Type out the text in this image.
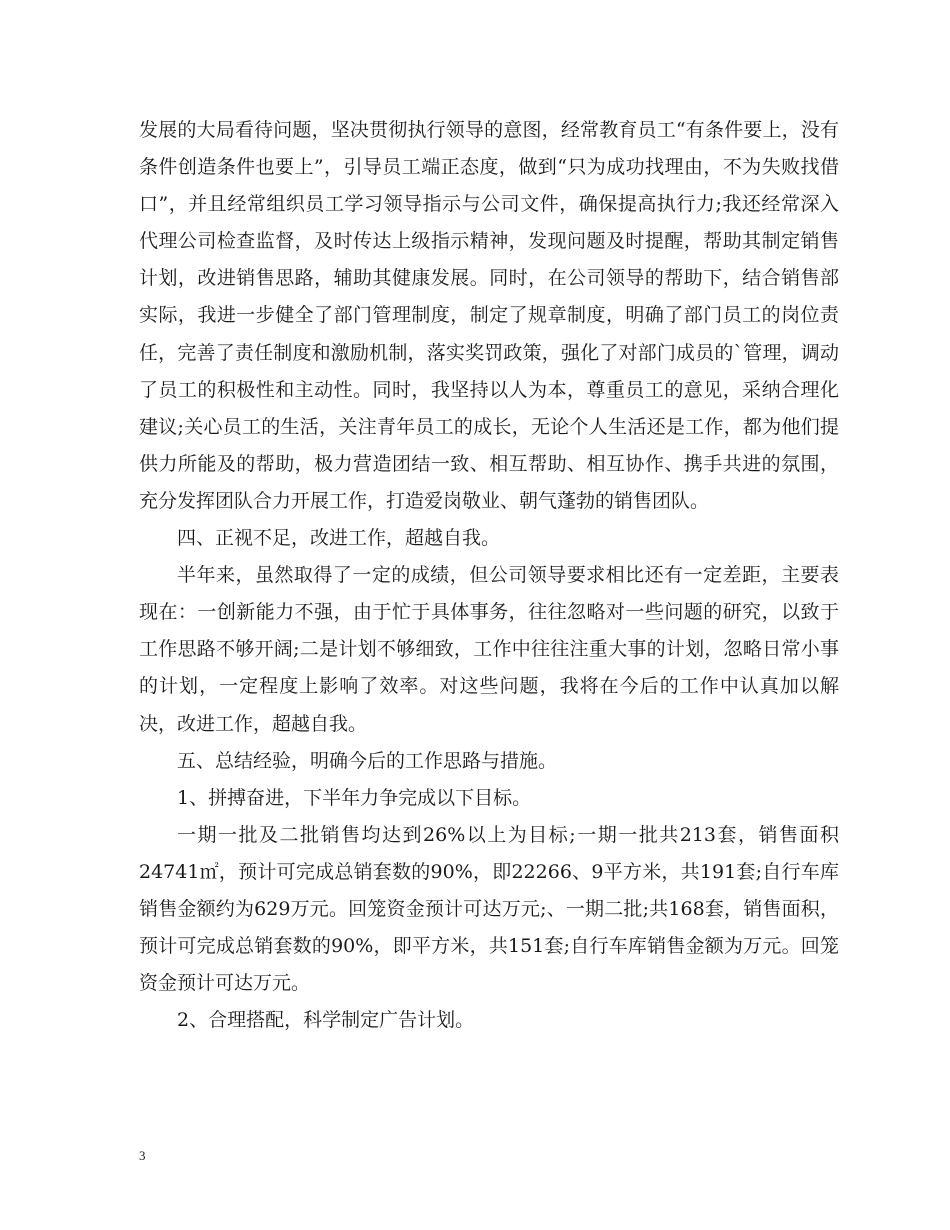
发展的大局看待问题，坚决贯彻执行领导的意图，经常教育员工“有条件要上，没有条件创造条件也要上”，引导员工端正态度，做到“只为成功找理由，不为失败找借口”，并且经常组织员工学习领导指示与公司文件，确保提高执行力;我还经常深入代理公司检查监督，及时传达上级指示精神，发现问题及时提醒，帮助其制定销售计划，改进销售思路，辅助其健康发展。同时，在公司领导的帮助下，结合销售部实际，我进一步健全了部门管理制度，制定了规章制度，明确了部门员工的岗位责任，完善了责任制度和激励机制，落实奖罚政策，强化了对部门成员的`管理，调动了员工的积极性和主动性。同时，我坚持以人为本，尊重员工的意见，采纳合理化建议;关心员工的生活，关注青年员工的成长，无论个人生活还是工作，都为他们提供力所能及的帮助，极力营造团结一致、相互帮助、相互协作、携手共进的氛围，充分发挥团队合力开展工作，打造爱岗敬业、朝气蓬勃的销售团队。

四、正视不足，改进工作，超越自我。

半年来，虽然取得了一定的成绩，但公司领导要求相比还有一定差距，主要表现在：一创新能力不强，由于忙于具体事务，往往忽略对一些问题的研究，以致于工作思路不够开阔;二是计划不够细致，工作中往往注重大事的计划，忽略日常小事的计划，一定程度上影响了效率。对这些问题，我将在今后的工作中认真加以解决，改进工作，超越自我。

五、总结经验，明确今后的工作思路与措施。

1、拼搏奋进，下半年力争完成以下目标。

一期一批及二批销售均达到26%以上为目标;一期一批共213套，销售面积24741㎡，预计可完成总销套数的90%，即22266、9平方米，共191套;自行车库销售金额约为629万元。回笼资金预计可达万元;、一期二批;共168套，销售面积，预计可完成总销套数的90%，即平方米，共151套;自行车库销售金额为万元。回笼资金预计可达万元。

2、合理搭配，科学制定广告计划。

3
